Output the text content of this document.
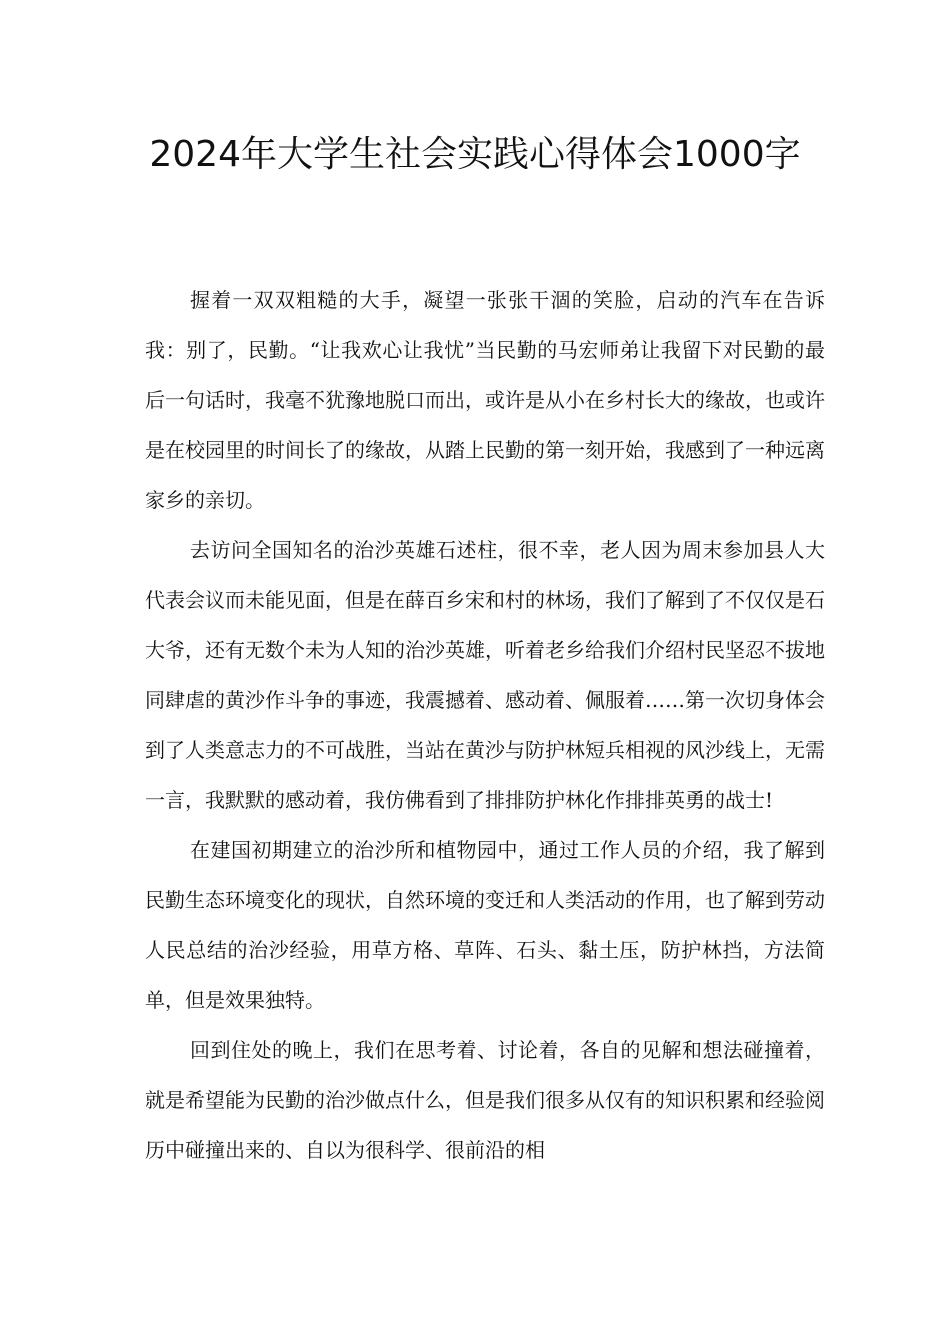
2024年大学生社会实践心得体会1000字

握着一双双粗糙的大手，凝望一张张干涸的笑脸，启动的汽车在告诉我：别了，民勤。“让我欢心让我忧”当民勤的马宏师弟让我留下对民勤的最后一句话时，我毫不犹豫地脱口而出，或许是从小在乡村长大的缘故，也或许是在校园里的时间长了的缘故，从踏上民勤的第一刻开始，我感到了一种远离家乡的亲切。

去访问全国知名的治沙英雄石述柱，很不幸，老人因为周末参加县人大代表会议而未能见面，但是在薛百乡宋和村的林场，我们了解到了不仅仅是石大爷，还有无数个未为人知的治沙英雄，听着老乡给我们介绍村民坚忍不拔地同肆虐的黄沙作斗争的事迹，我震撼着、感动着、佩服着……第一次切身体会到了人类意志力的不可战胜，当站在黄沙与防护林短兵相视的风沙线上，无需一言，我默默的感动着，我仿佛看到了排排防护林化作排排英勇的战士!

在建国初期建立的治沙所和植物园中，通过工作人员的介绍，我了解到民勤生态环境变化的现状，自然环境的变迁和人类活动的作用，也了解到劳动人民总结的治沙经验，用草方格、草阵、石头、黏土压，防护林挡，方法简单，但是效果独特。

回到住处的晚上，我们在思考着、讨论着，各自的见解和想法碰撞着，就是希望能为民勤的治沙做点什么，但是我们很多从仅有的知识积累和经验阅历中碰撞出来的、自以为很科学、很前沿的相
